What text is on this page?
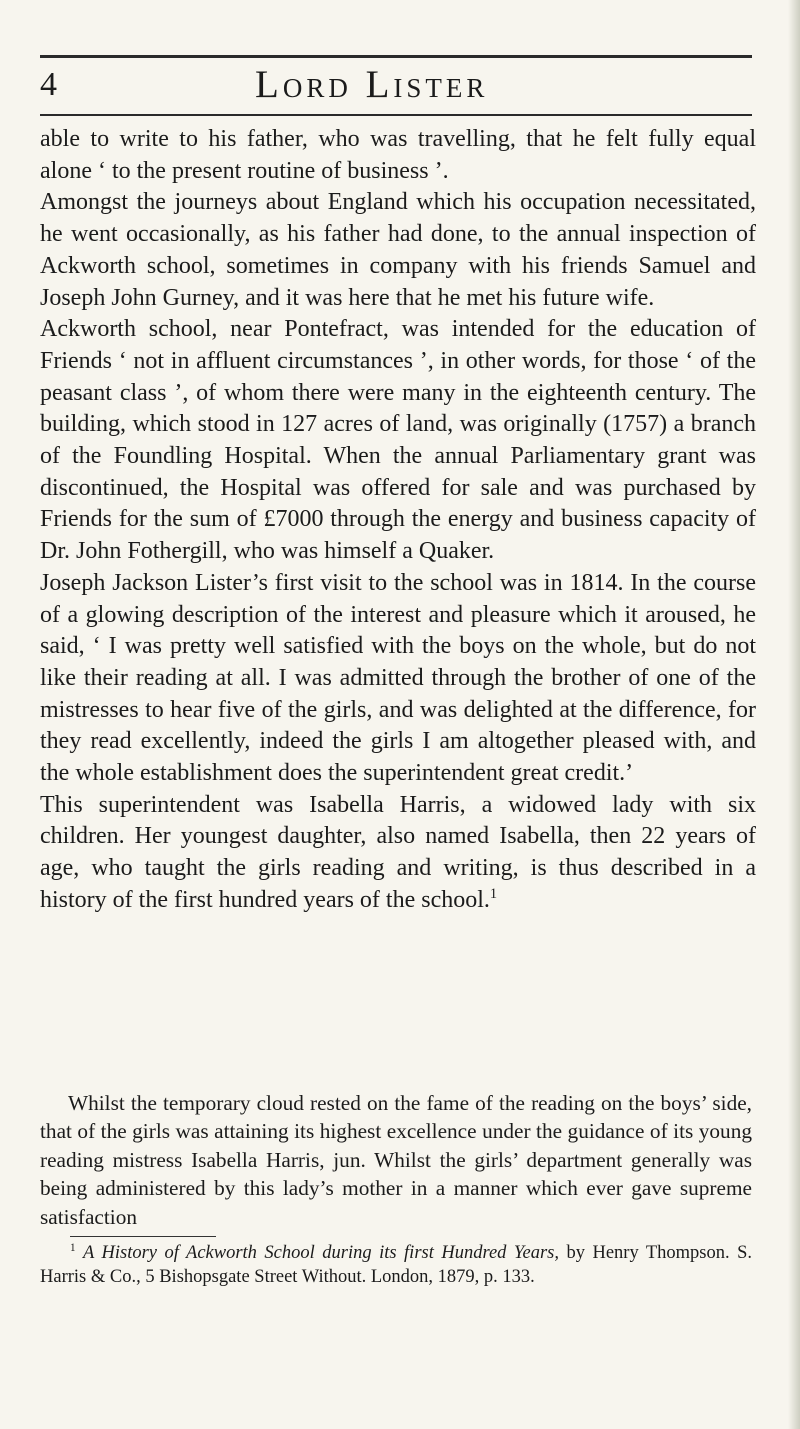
4	Lord Lister

able to write to his father, who was travelling, that he felt fully equal alone ‘ to the present routine of business ’.

Amongst the journeys about England which his occupation necessitated, he went occasionally, as his father had done, to the annual inspection of Ackworth school, sometimes in company with his friends Samuel and Joseph John Gurney, and it was here that he met his future wife.

Ackworth school, near Pontefract, was intended for the education of Friends ‘ not in affluent circumstances ’, in other words, for those ‘ of the peasant class ’, of whom there were many in the eighteenth century. The building, which stood in 127 acres of land, was originally (1757) a branch of the Foundling Hospital. When the annual Parliamentary grant was discontinued, the Hospital was offered for sale and was purchased by Friends for the sum of £7000 through the energy and business capacity of Dr. John Fothergill, who was himself a Quaker.

Joseph Jackson Lister’s first visit to the school was in 1814. In the course of a glowing description of the interest and pleasure which it aroused, he said, ‘ I was pretty well satisfied with the boys on the whole, but do not like their reading at all. I was admitted through the brother of one of the mistresses to hear five of the girls, and was delighted at the difference, for they read excellently, indeed the girls I am altogether pleased with, and the whole establishment does the superintendent great credit.’

This superintendent was Isabella Harris, a widowed lady with six children. Her youngest daughter, also named Isabella, then 22 years of age, who taught the girls reading and writing, is thus described in a history of the first hundred years of the school.$^1$

Whilst the temporary cloud rested on the fame of the reading on the boys’ side, that of the girls was attaining its highest excellence under the guidance of its young reading mistress Isabella Harris, jun. Whilst the girls’ department generally was being administered by this lady’s mother in a manner which ever gave supreme satisfaction

$^1$ A History of Ackworth School during its first Hundred Years, by Henry Thompson. S. Harris & Co., 5 Bishopsgate Street Without. London, 1879, p. 133.
